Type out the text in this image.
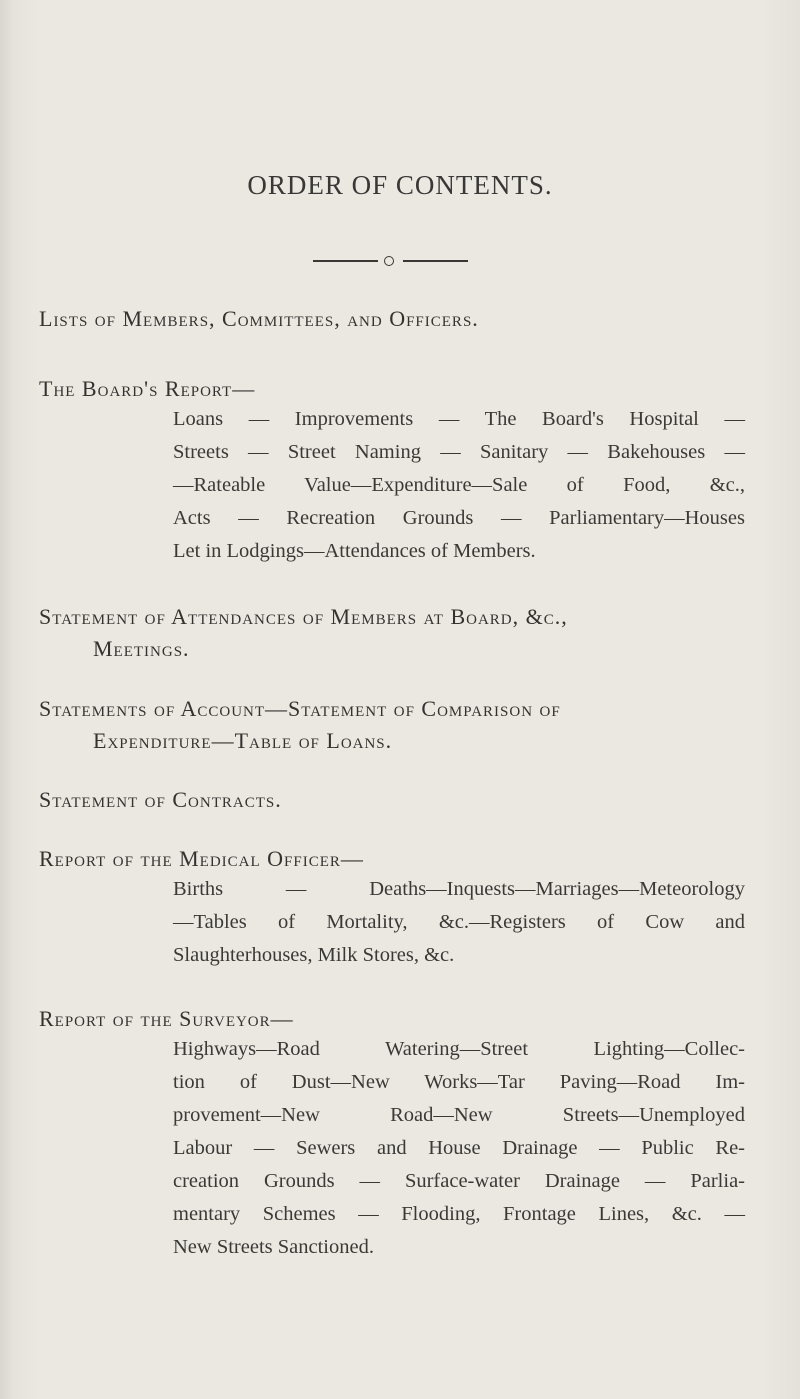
ORDER OF CONTENTS.
Lists of Members, Committees, and Officers.
The Board's Report—
Loans — Improvements — The Board's Hospital —
Streets — Street Naming — Sanitary — Bakehouses —
—Rateable Value—Expenditure—Sale of Food, &c.,
Acts — Recreation Grounds — Parliamentary—Houses
Let in Lodgings—Attendances of Members.
Statement of Attendances of Members at Board, &c.,
Meetings.
Statements of Account—Statement of Comparison of
Expenditure—Table of Loans.
Statement of Contracts.
Report of the Medical Officer—
Births — Deaths—Inquests—Marriages—Meteorology
—Tables of Mortality, &c.—Registers of Cow and
Slaughterhouses, Milk Stores, &c.
Report of the Surveyor—
Highways—Road Watering—Street Lighting—Collec-
tion of Dust—New Works—Tar Paving—Road Im-
provement—New Road—New Streets—Unemployed
Labour — Sewers and House Drainage — Public Re-
creation Grounds — Surface-water Drainage — Parlia-
mentary Schemes — Flooding, Frontage Lines, &c. —
New Streets Sanctioned.
